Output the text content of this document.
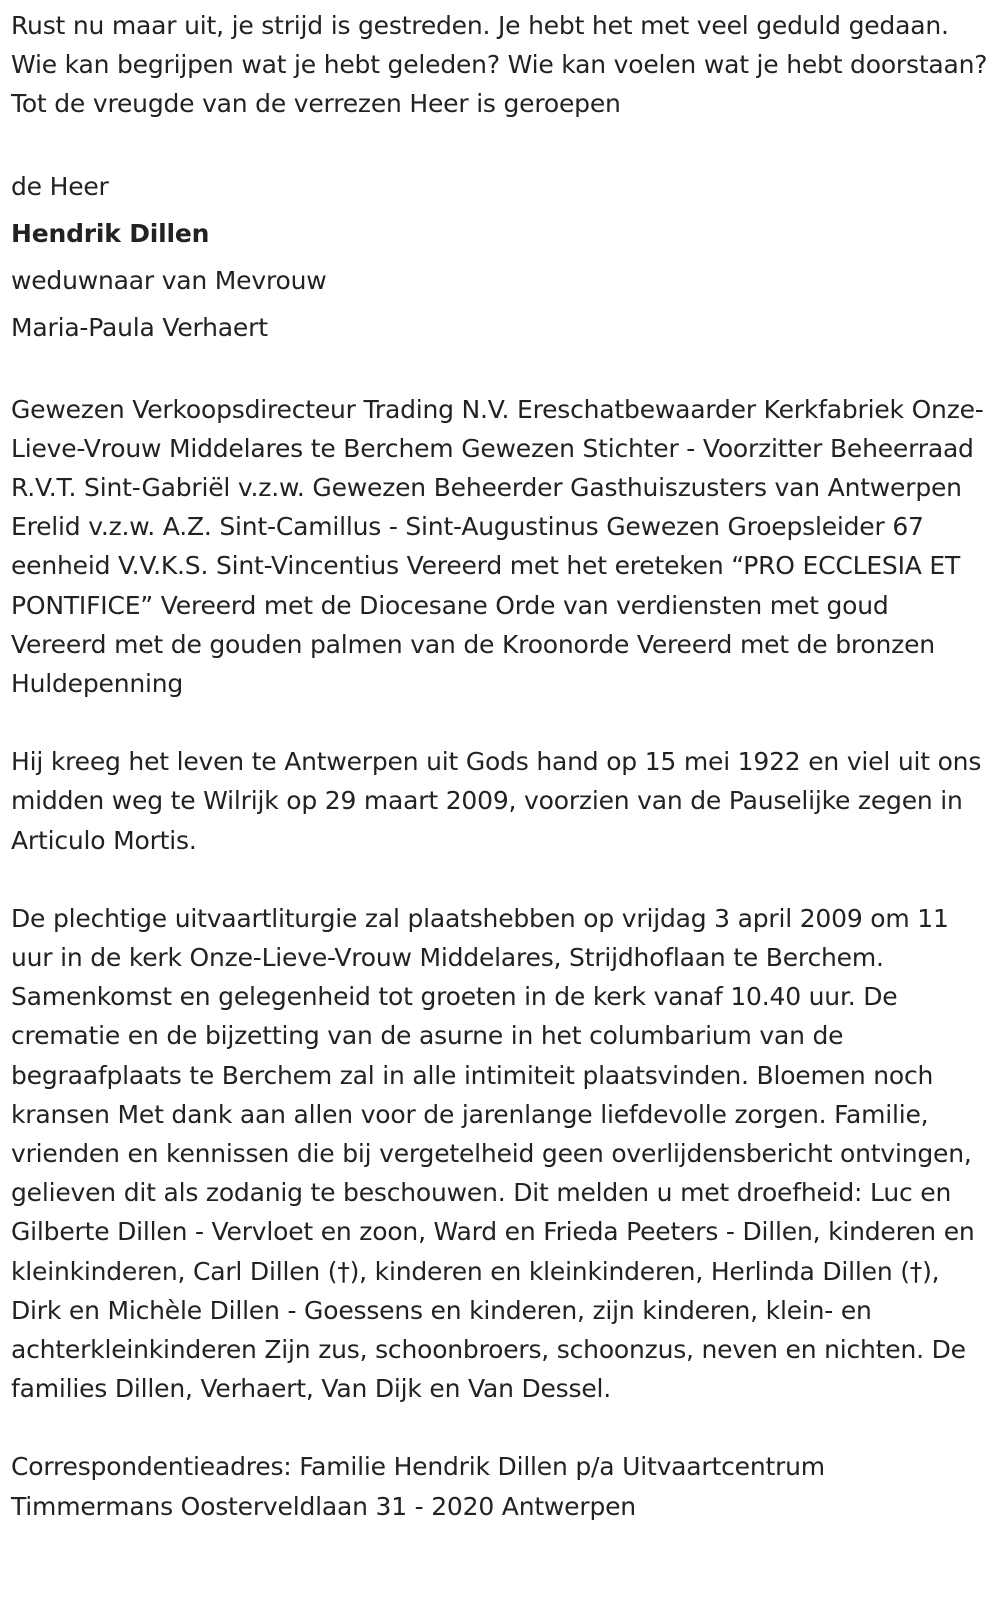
Rust nu maar uit, je strijd is gestreden. Je hebt het met veel geduld gedaan. Wie kan begrijpen wat je hebt geleden? Wie kan voelen wat je hebt doorstaan? Tot de vreugde van de verrezen Heer is geroepen

de Heer

Hendrik Dillen

weduwnaar van Mevrouw

Maria-Paula Verhaert

Gewezen Verkoopsdirecteur Trading N.V. Ereschatbewaarder Kerkfabriek Onze-Lieve-Vrouw Middelares te Berchem Gewezen Stichter - Voorzitter Beheerraad R.V.T. Sint-Gabriël v.z.w. Gewezen Beheerder Gasthuiszusters van Antwerpen Erelid v.z.w. A.Z. Sint-Camillus - Sint-Augustinus Gewezen Groepsleider 67 eenheid V.V.K.S. Sint-Vincentius Vereerd met het ereteken “PRO ECCLESIA ET PONTIFICE” Vereerd met de Diocesane Orde van verdiensten met goud Vereerd met de gouden palmen van de Kroonorde Vereerd met de bronzen Huldepenning

Hij kreeg het leven te Antwerpen uit Gods hand op 15 mei 1922 en viel uit ons midden weg te Wilrijk op 29 maart 2009, voorzien van de Pauselijke zegen in Articulo Mortis.

De plechtige uitvaartliturgie zal plaatshebben op vrijdag 3 april 2009 om 11 uur in de kerk Onze-Lieve-Vrouw Middelares, Strijdhoflaan te Berchem. Samenkomst en gelegenheid tot groeten in de kerk vanaf 10.40 uur. De crematie en de bijzetting van de asurne in het columbarium van de begraafplaats te Berchem zal in alle intimiteit plaatsvinden. Bloemen noch kransen Met dank aan allen voor de jarenlange liefdevolle zorgen. Familie, vrienden en kennissen die bij vergetelheid geen overlijdensbericht ontvingen, gelieven dit als zodanig te beschouwen. Dit melden u met droefheid: Luc en Gilberte Dillen - Vervloet en zoon, Ward en Frieda Peeters - Dillen, kinderen en kleinkinderen, Carl Dillen (†), kinderen en kleinkinderen, Herlinda Dillen (†), Dirk en Michèle Dillen - Goessens en kinderen, zijn kinderen, klein- en achterkleinkinderen Zijn zus, schoonbroers, schoonzus, neven en nichten. De families Dillen, Verhaert, Van Dijk en Van Dessel.

Correspondentieadres: Familie Hendrik Dillen p/a Uitvaartcentrum Timmermans Oosterveldlaan 31 - 2020 Antwerpen
